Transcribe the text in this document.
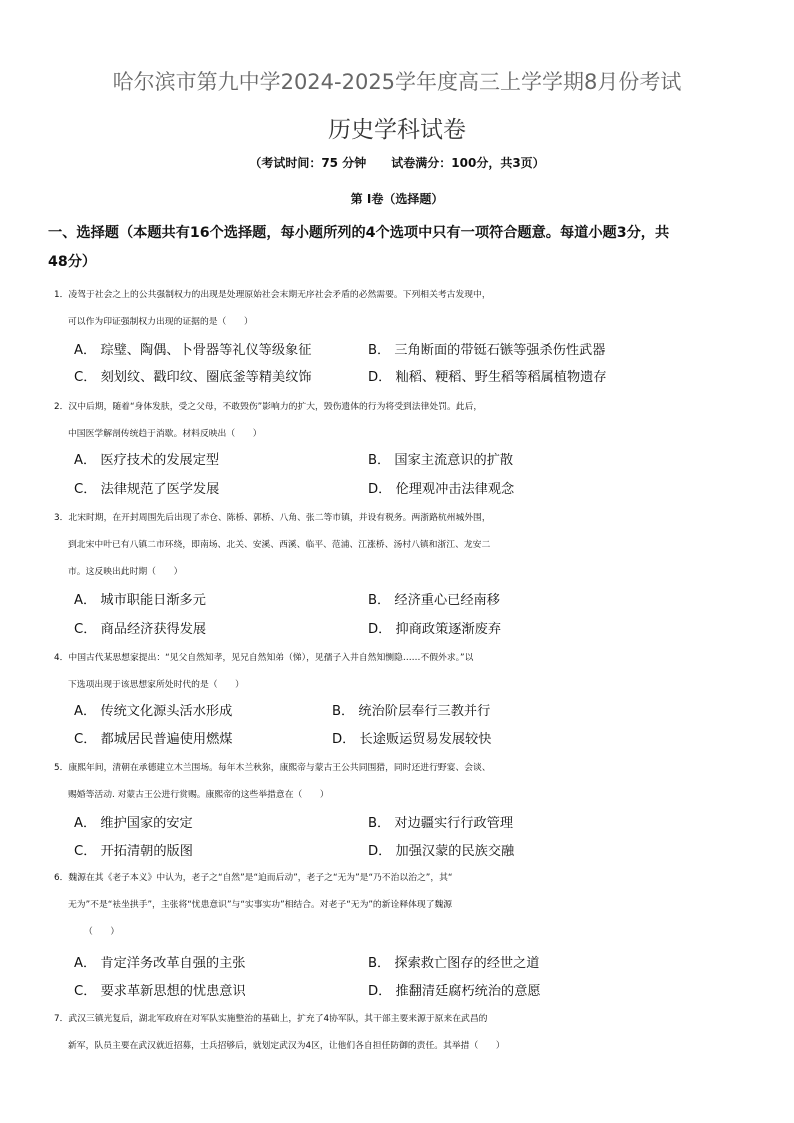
哈尔滨市第九中学2024-2025学年度高三上学学期8月份考试
历史学科试卷
（考试时间：75 分钟      试卷满分：100分，共3页）
第 Ⅰ卷（选择题）
一、选择题（本题共有16个选择题，每小题所列的4个选项中只有一项符合题意。每道小题3分，共
48分）
1．凌驾于社会之上的公共强制权力的出现是处理原始社会末期无序社会矛盾的必然需要。下列相关考古发现中，
可以作为印证强制权力出现的证据的是（　　）
A． 琮璧、陶偶、卜骨器等礼仪等级象征	B． 三角断面的带铤石镞等强杀伤性武器
C． 刻划纹、戳印纹、圈底釜等精美纹饰	D． 籼稻、粳稻、野生稻等稻属植物遗存
2．汉中后期，随着“身体发肤，受之父母，不敢毁伤”影响力的扩大，毁伤遗体的行为将受到法律处罚。此后，
中国医学解剖传统趋于消歇。材料反映出（　　）
A． 医疗技术的发展定型	B． 国家主流意识的扩散
C． 法律规范了医学发展	D． 伦理观冲击法律观念
3．北宋时期，在开封周围先后出现了赤仓、陈桥、郭桥、八角、张二等市镇，并设有税务。两浙路杭州城外围，
到北宋中叶已有八镇二市环绕，即南场、北关、安溪、西溪、临平、范浦、江涨桥、汤村八镇和浙江、龙安二
市。这反映出此时期（　　）
A． 城市职能日渐多元	B． 经济重心已经南移
C． 商品经济获得发展	D． 抑商政策逐渐废弃
4．中国古代某思想家提出：“见父自然知孝，见兄自然知弟（悌），见孺子入井自然知恻隐……不假外求。”以
下选项出现于该思想家所处时代的是（　　）
A． 传统文化源头活水形成	B． 统治阶层奉行三教并行
C． 都城居民普遍使用燃煤	D． 长途贩运贸易发展较快
5．康熙年间，清朝在承德建立木兰围场。每年木兰秋狝，康熙帝与蒙古王公共同围猎，同时还进行野宴、会谈、
赐婚等活动. 对蒙古王公进行赏赐。康熙帝的这些举措意在（　　）
A． 维护国家的安定	B． 对边疆实行行政管理
C． 开拓清朝的版图	D． 加强汉蒙的民族交融
6．魏源在其《老子本义》中认为，老子之“自然”是“迫而后动”，老子之“无为”是“乃不治以治之”，其“
无为”不是“袪坐拱手”，主张将“忧患意识”与“实事实功”相结合。对老子“无为”的新诠释体现了魏源
（　　）
A． 肯定洋务改革自强的主张	B． 探索救亡图存的经世之道
C． 要求革新思想的忧患意识	D． 推翻清廷腐朽统治的意愿
7．武汉三镇光复后，湖北军政府在对军队实施整治的基础上，扩充了4协军队，其干部主要来源于原来在武昌的
新军，队员主要在武汉就近招募，士兵招够后，就划定武汉为4区，让他们各自担任防御的责任。其举措（　　）
